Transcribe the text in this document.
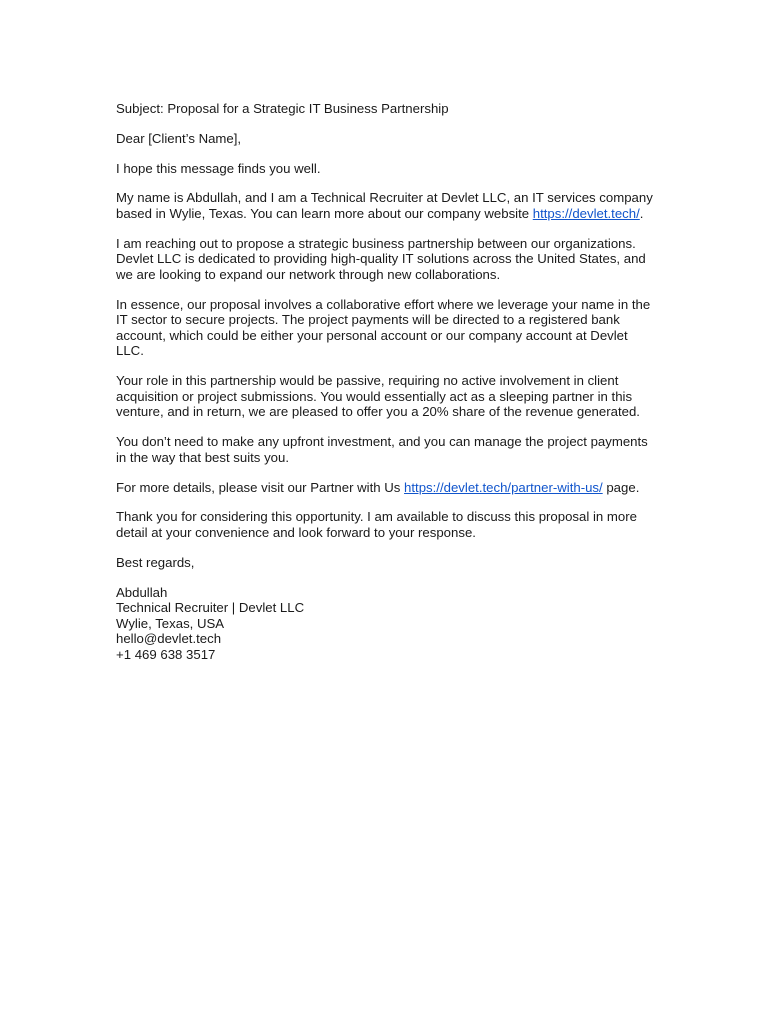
Subject: Proposal for a Strategic IT Business Partnership

Dear [Client’s Name],

I hope this message finds you well.

My name is Abdullah, and I am a Technical Recruiter at Devlet LLC, an IT services company based in Wylie, Texas. You can learn more about our company website https://devlet.tech/.

I am reaching out to propose a strategic business partnership between our organizations. Devlet LLC is dedicated to providing high-quality IT solutions across the United States, and we are looking to expand our network through new collaborations.

In essence, our proposal involves a collaborative effort where we leverage your name in the IT sector to secure projects. The project payments will be directed to a registered bank account, which could be either your personal account or our company account at Devlet LLC.

Your role in this partnership would be passive, requiring no active involvement in client acquisition or project submissions. You would essentially act as a sleeping partner in this venture, and in return, we are pleased to offer you a 20% share of the revenue generated.

You don’t need to make any upfront investment, and you can manage the project payments in the way that best suits you.

For more details, please visit our Partner with Us https://devlet.tech/partner-with-us/ page.

Thank you for considering this opportunity. I am available to discuss this proposal in more detail at your convenience and look forward to your response.

Best regards,

Abdullah
Technical Recruiter | Devlet LLC
Wylie, Texas, USA
hello@devlet.tech
+1 469 638 3517
